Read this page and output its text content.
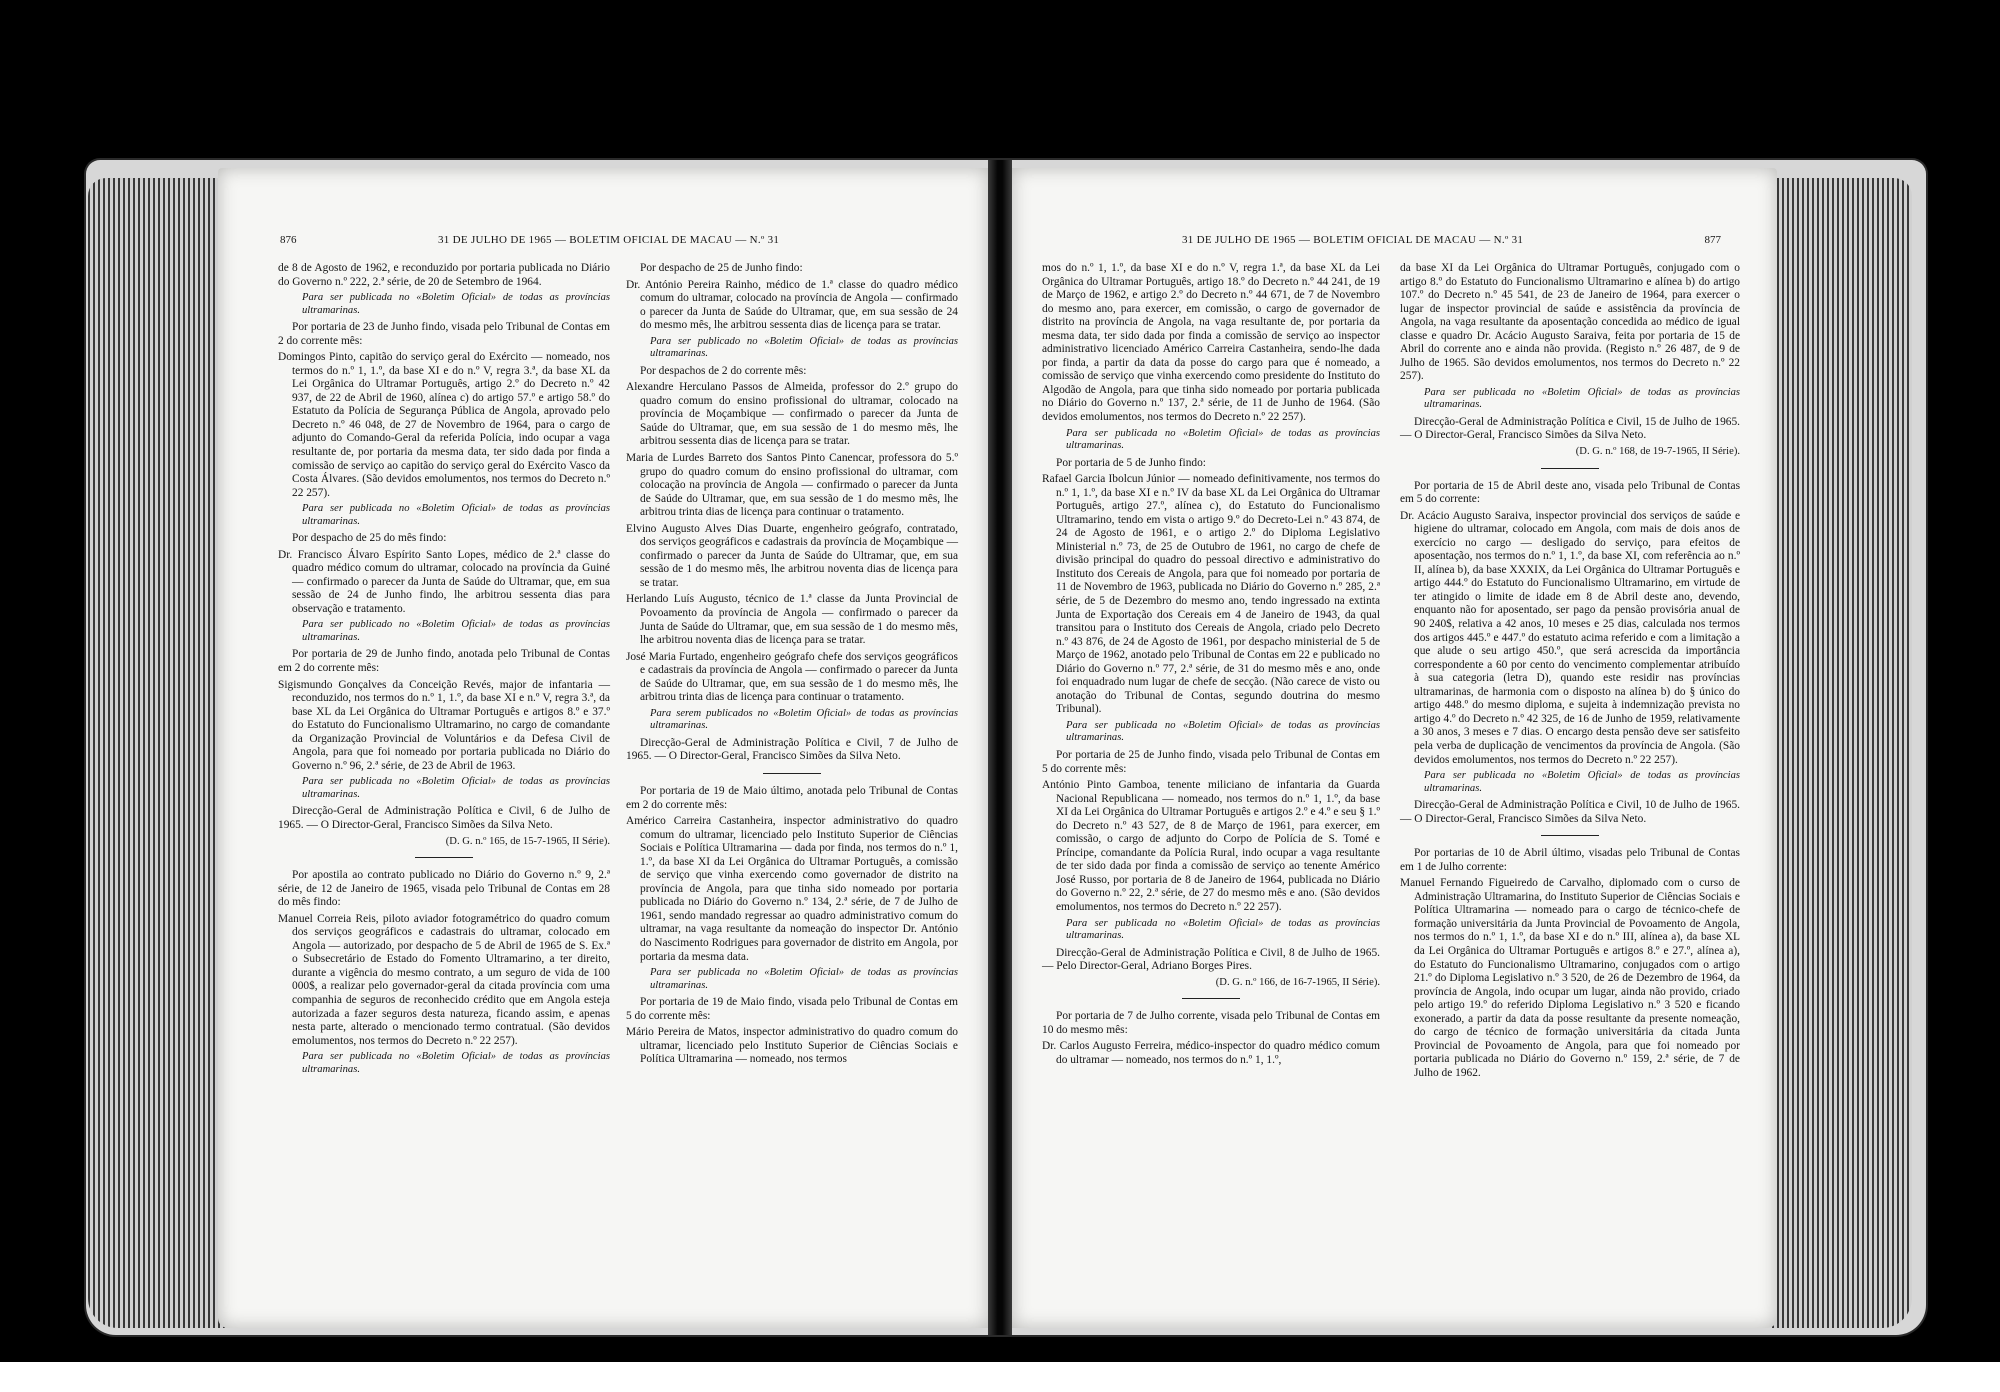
876	31 DE JULHO DE 1965 — BOLETIM OFICIAL DE MACAU — N.º 31

de 8 de Agosto de 1962, e reconduzido por portaria publicada no Diário do Governo n.º 222, 2.ª série, de 20 de Setembro de 1964.

Para ser publicada no «Boletim Oficial» de todas as províncias ultramarinas.

Por portaria de 23 de Junho findo, visada pelo Tribunal de Contas em 2 do corrente mês:

Domingos Pinto, capitão do serviço geral do Exército — nomeado, nos termos do n.º 1, 1.º, da base XI e do n.º V, regra 3.ª, da base XL da Lei Orgânica do Ultramar Português, artigo 2.º do Decreto n.º 42 937, de 22 de Abril de 1960, alínea c) do artigo 57.º e artigo 58.º do Estatuto da Polícia de Segurança Pública de Angola, aprovado pelo Decreto n.º 46 048, de 27 de Novembro de 1964, para o cargo de adjunto do Comando-Geral da referida Polícia, indo ocupar a vaga resultante de, por portaria da mesma data, ter sido dada por finda a comissão de serviço ao capitão do serviço geral do Exército Vasco da Costa Álvares. (São devidos emolumentos, nos termos do Decreto n.º 22 257).

Para ser publicada no «Boletim Oficial» de todas as províncias ultramarinas.

Por despacho de 25 do mês findo:

Dr. Francisco Álvaro Espírito Santo Lopes, médico de 2.ª classe do quadro médico comum do ultramar, colocado na província da Guiné — confirmado o parecer da Junta de Saúde do Ultramar, que, em sua sessão de 24 de Junho findo, lhe arbitrou sessenta dias para observação e tratamento.

Para ser publicado no «Boletim Oficial» de todas as províncias ultramarinas.

Por portaria de 29 de Junho findo, anotada pelo Tribunal de Contas em 2 do corrente mês:

Sigismundo Gonçalves da Conceição Revés, major de infantaria — reconduzido, nos termos do n.º 1, 1.º, da base XI e n.º V, regra 3.ª, da base XL da Lei Orgânica do Ultramar Português e artigos 8.º e 37.º do Estatuto do Funcionalismo Ultramarino, no cargo de comandante da Organização Provincial de Voluntários e da Defesa Civil de Angola, para que foi nomeado por portaria publicada no Diário do Governo n.º 96, 2.ª série, de 23 de Abril de 1963.

Para ser publicada no «Boletim Oficial» de todas as províncias ultramarinas.

Direcção-Geral de Administração Política e Civil, 6 de Julho de 1965. — O Director-Geral, Francisco Simões da Silva Neto.

(D. G. n.º 165, de 15-7-1965, II Série).

Por apostila ao contrato publicado no Diário do Governo n.º 9, 2.ª série, de 12 de Janeiro de 1965, visada pelo Tribunal de Contas em 28 do mês findo:

Manuel Correia Reis, piloto aviador fotogramétrico do quadro comum dos serviços geográficos e cadastrais do ultramar, colocado em Angola — autorizado, por despacho de 5 de Abril de 1965 de S. Ex.ª o Subsecretário de Estado do Fomento Ultramarino, a ter direito, durante a vigência do mesmo contrato, a um seguro de vida de 100 000$, a realizar pelo governador-geral da citada província com uma companhia de seguros de reconhecido crédito que em Angola esteja autorizada a fazer seguros desta natureza, ficando assim, e apenas nesta parte, alterado o mencionado termo contratual. (São devidos emolumentos, nos termos do Decreto n.º 22 257).

Para ser publicada no «Boletim Oficial» de todas as províncias ultramarinas.

Por despacho de 25 de Junho findo:

Dr. António Pereira Rainho, médico de 1.ª classe do quadro médico comum do ultramar, colocado na província de Angola — confirmado o parecer da Junta de Saúde do Ultramar, que, em sua sessão de 24 do mesmo mês, lhe arbitrou sessenta dias de licença para se tratar.

Para ser publicado no «Boletim Oficial» de todas as províncias ultramarinas.

Por despachos de 2 do corrente mês:

Alexandre Herculano Passos de Almeida, professor do 2.º grupo do quadro comum do ensino profissional do ultramar, colocado na província de Moçambique — confirmado o parecer da Junta de Saúde do Ultramar, que, em sua sessão de 1 do mesmo mês, lhe arbitrou sessenta dias de licença para se tratar.

Maria de Lurdes Barreto dos Santos Pinto Canencar, professora do 5.º grupo do quadro comum do ensino profissional do ultramar, com colocação na província de Angola — confirmado o parecer da Junta de Saúde do Ultramar, que, em sua sessão de 1 do mesmo mês, lhe arbitrou trinta dias de licença para continuar o tratamento.

Elvino Augusto Alves Dias Duarte, engenheiro geógrafo, contratado, dos serviços geográficos e cadastrais da província de Moçambique — confirmado o parecer da Junta de Saúde do Ultramar, que, em sua sessão de 1 do mesmo mês, lhe arbitrou noventa dias de licença para se tratar.

Herlando Luís Augusto, técnico de 1.ª classe da Junta Provincial de Povoamento da província de Angola — confirmado o parecer da Junta de Saúde do Ultramar, que, em sua sessão de 1 do mesmo mês, lhe arbitrou noventa dias de licença para se tratar.

José Maria Furtado, engenheiro geógrafo chefe dos serviços geográficos e cadastrais da província de Angola — confirmado o parecer da Junta de Saúde do Ultramar, que, em sua sessão de 1 do mesmo mês, lhe arbitrou trinta dias de licença para continuar o tratamento.

Para serem publicados no «Boletim Oficial» de todas as províncias ultramarinas.

Direcção-Geral de Administração Política e Civil, 7 de Julho de 1965. — O Director-Geral, Francisco Simões da Silva Neto.

Por portaria de 19 de Maio último, anotada pelo Tribunal de Contas em 2 do corrente mês:

Américo Carreira Castanheira, inspector administrativo do quadro comum do ultramar, licenciado pelo Instituto Superior de Ciências Sociais e Política Ultramarina — dada por finda, nos termos do n.º 1, 1.º, da base XI da Lei Orgânica do Ultramar Português, a comissão de serviço que vinha exercendo como governador de distrito na província de Angola, para que tinha sido nomeado por portaria publicada no Diário do Governo n.º 134, 2.ª série, de 7 de Julho de 1961, sendo mandado regressar ao quadro administrativo comum do ultramar, na vaga resultante da nomeação do inspector Dr. António do Nascimento Rodrigues para governador de distrito em Angola, por portaria da mesma data.

Para ser publicada no «Boletim Oficial» de todas as províncias ultramarinas.

Por portaria de 19 de Maio findo, visada pelo Tribunal de Contas em 5 do corrente mês:

Mário Pereira de Matos, inspector administrativo do quadro comum do ultramar, licenciado pelo Instituto Superior de Ciências Sociais e Política Ultramarina — nomeado, nos termos

31 DE JULHO DE 1965 — BOLETIM OFICIAL DE MACAU — N.º 31	877

mos do n.º 1, 1.º, da base XI e do n.º V, regra 1.ª, da base XL da Lei Orgânica do Ultramar Português, artigo 18.º do Decreto n.º 44 241, de 19 de Março de 1962, e artigo 2.º do Decreto n.º 44 671, de 7 de Novembro do mesmo ano, para exercer, em comissão, o cargo de governador de distrito na província de Angola, na vaga resultante de, por portaria da mesma data, ter sido dada por finda a comissão de serviço ao inspector administrativo licenciado Américo Carreira Castanheira, sendo-lhe dada por finda, a partir da data da posse do cargo para que é nomeado, a comissão de serviço que vinha exercendo como presidente do Instituto do Algodão de Angola, para que tinha sido nomeado por portaria publicada no Diário do Governo n.º 137, 2.ª série, de 11 de Junho de 1964. (São devidos emolumentos, nos termos do Decreto n.º 22 257).

Para ser publicada no «Boletim Oficial» de todas as províncias ultramarinas.

Por portaria de 5 de Junho findo:

Rafael Garcia Ibolcun Júnior — nomeado definitivamente, nos termos do n.º 1, 1.º, da base XI e n.º IV da base XL da Lei Orgânica do Ultramar Português, artigo 27.º, alínea c), do Estatuto do Funcionalismo Ultramarino, tendo em vista o artigo 9.º do Decreto-Lei n.º 43 874, de 24 de Agosto de 1961, e o artigo 2.º do Diploma Legislativo Ministerial n.º 73, de 25 de Outubro de 1961, no cargo de chefe de divisão principal do quadro do pessoal directivo e administrativo do Instituto dos Cereais de Angola, para que foi nomeado por portaria de 11 de Novembro de 1963, publicada no Diário do Governo n.º 285, 2.ª série, de 5 de Dezembro do mesmo ano, tendo ingressado na extinta Junta de Exportação dos Cereais em 4 de Janeiro de 1943, da qual transitou para o Instituto dos Cereais de Angola, criado pelo Decreto n.º 43 876, de 24 de Agosto de 1961, por despacho ministerial de 5 de Março de 1962, anotado pelo Tribunal de Contas em 22 e publicado no Diário do Governo n.º 77, 2.ª série, de 31 do mesmo mês e ano, onde foi enquadrado num lugar de chefe de secção. (Não carece de visto ou anotação do Tribunal de Contas, segundo doutrina do mesmo Tribunal).

Para ser publicada no «Boletim Oficial» de todas as províncias ultramarinas.

Por portaria de 25 de Junho findo, visada pelo Tribunal de Contas em 5 do corrente mês:

António Pinto Gamboa, tenente miliciano de infantaria da Guarda Nacional Republicana — nomeado, nos termos do n.º 1, 1.º, da base XI da Lei Orgânica do Ultramar Português e artigos 2.º e 4.º e seu § 1.º do Decreto n.º 43 527, de 8 de Março de 1961, para exercer, em comissão, o cargo de adjunto do Corpo de Polícia de S. Tomé e Príncipe, comandante da Polícia Rural, indo ocupar a vaga resultante de ter sido dada por finda a comissão de serviço ao tenente Américo José Russo, por portaria de 8 de Janeiro de 1964, publicada no Diário do Governo n.º 22, 2.ª série, de 27 do mesmo mês e ano. (São devidos emolumentos, nos termos do Decreto n.º 22 257).

Para ser publicada no «Boletim Oficial» de todas as províncias ultramarinas.

Direcção-Geral de Administração Política e Civil, 8 de Julho de 1965. — Pelo Director-Geral, Adriano Borges Pires.

(D. G. n.º 166, de 16-7-1965, II Série).

Por portaria de 7 de Julho corrente, visada pelo Tribunal de Contas em 10 do mesmo mês:

Dr. Carlos Augusto Ferreira, médico-inspector do quadro médico comum do ultramar — nomeado, nos termos do n.º 1, 1.º,

da base XI da Lei Orgânica do Ultramar Português, conjugado com o artigo 8.º do Estatuto do Funcionalismo Ultramarino e alínea b) do artigo 107.º do Decreto n.º 45 541, de 23 de Janeiro de 1964, para exercer o lugar de inspector provincial de saúde e assistência da província de Angola, na vaga resultante da aposentação concedida ao médico de igual classe e quadro Dr. Acácio Augusto Saraiva, feita por portaria de 15 de Abril do corrente ano e ainda não provida. (Registo n.º 26 487, de 9 de Julho de 1965. São devidos emolumentos, nos termos do Decreto n.º 22 257).

Para ser publicada no «Boletim Oficial» de todas as províncias ultramarinas.

Direcção-Geral de Administração Política e Civil, 15 de Julho de 1965. — O Director-Geral, Francisco Simões da Silva Neto.

(D. G. n.º 168, de 19-7-1965, II Série).

Por portaria de 15 de Abril deste ano, visada pelo Tribunal de Contas em 5 do corrente:

Dr. Acácio Augusto Saraiva, inspector provincial dos serviços de saúde e higiene do ultramar, colocado em Angola, com mais de dois anos de exercício no cargo — desligado do serviço, para efeitos de aposentação, nos termos do n.º 1, 1.º, da base XI, com referência ao n.º II, alínea b), da base XXXIX, da Lei Orgânica do Ultramar Português e artigo 444.º do Estatuto do Funcionalismo Ultramarino, em virtude de ter atingido o limite de idade em 8 de Abril deste ano, devendo, enquanto não for aposentado, ser pago da pensão provisória anual de 90 240$, relativa a 42 anos, 10 meses e 25 dias, calculada nos termos dos artigos 445.º e 447.º do estatuto acima referido e com a limitação a que alude o seu artigo 450.º, que será acrescida da importância correspondente a 60 por cento do vencimento complementar atribuído à sua categoria (letra D), quando este residir nas províncias ultramarinas, de harmonia com o disposto na alínea b) do § único do artigo 448.º do mesmo diploma, e sujeita à indemnização prevista no artigo 4.º do Decreto n.º 42 325, de 16 de Junho de 1959, relativamente a 30 anos, 3 meses e 7 dias. O encargo desta pensão deve ser satisfeito pela verba de duplicação de vencimentos da província de Angola. (São devidos emolumentos, nos termos do Decreto n.º 22 257).

Para ser publicada no «Boletim Oficial» de todas as províncias ultramarinas.

Direcção-Geral de Administração Política e Civil, 10 de Julho de 1965. — O Director-Geral, Francisco Simões da Silva Neto.

Por portarias de 10 de Abril último, visadas pelo Tribunal de Contas em 1 de Julho corrente:

Manuel Fernando Figueiredo de Carvalho, diplomado com o curso de Administração Ultramarina, do Instituto Superior de Ciências Sociais e Política Ultramarina — nomeado para o cargo de técnico-chefe de formação universitária da Junta Provincial de Povoamento de Angola, nos termos do n.º 1, 1.º, da base XI e do n.º III, alínea a), da base XL da Lei Orgânica do Ultramar Português e artigos 8.º e 27.º, alínea a), do Estatuto do Funcionalismo Ultramarino, conjugados com o artigo 21.º do Diploma Legislativo n.º 3 520, de 26 de Dezembro de 1964, da província de Angola, indo ocupar um lugar, ainda não provido, criado pelo artigo 19.º do referido Diploma Legislativo n.º 3 520 e ficando exonerado, a partir da data da posse resultante da presente nomeação, do cargo de técnico de formação universitária da citada Junta Provincial de Povoamento de Angola, para que foi nomeado por portaria publicada no Diário do Governo n.º 159, 2.ª série, de 7 de Julho de 1962.
